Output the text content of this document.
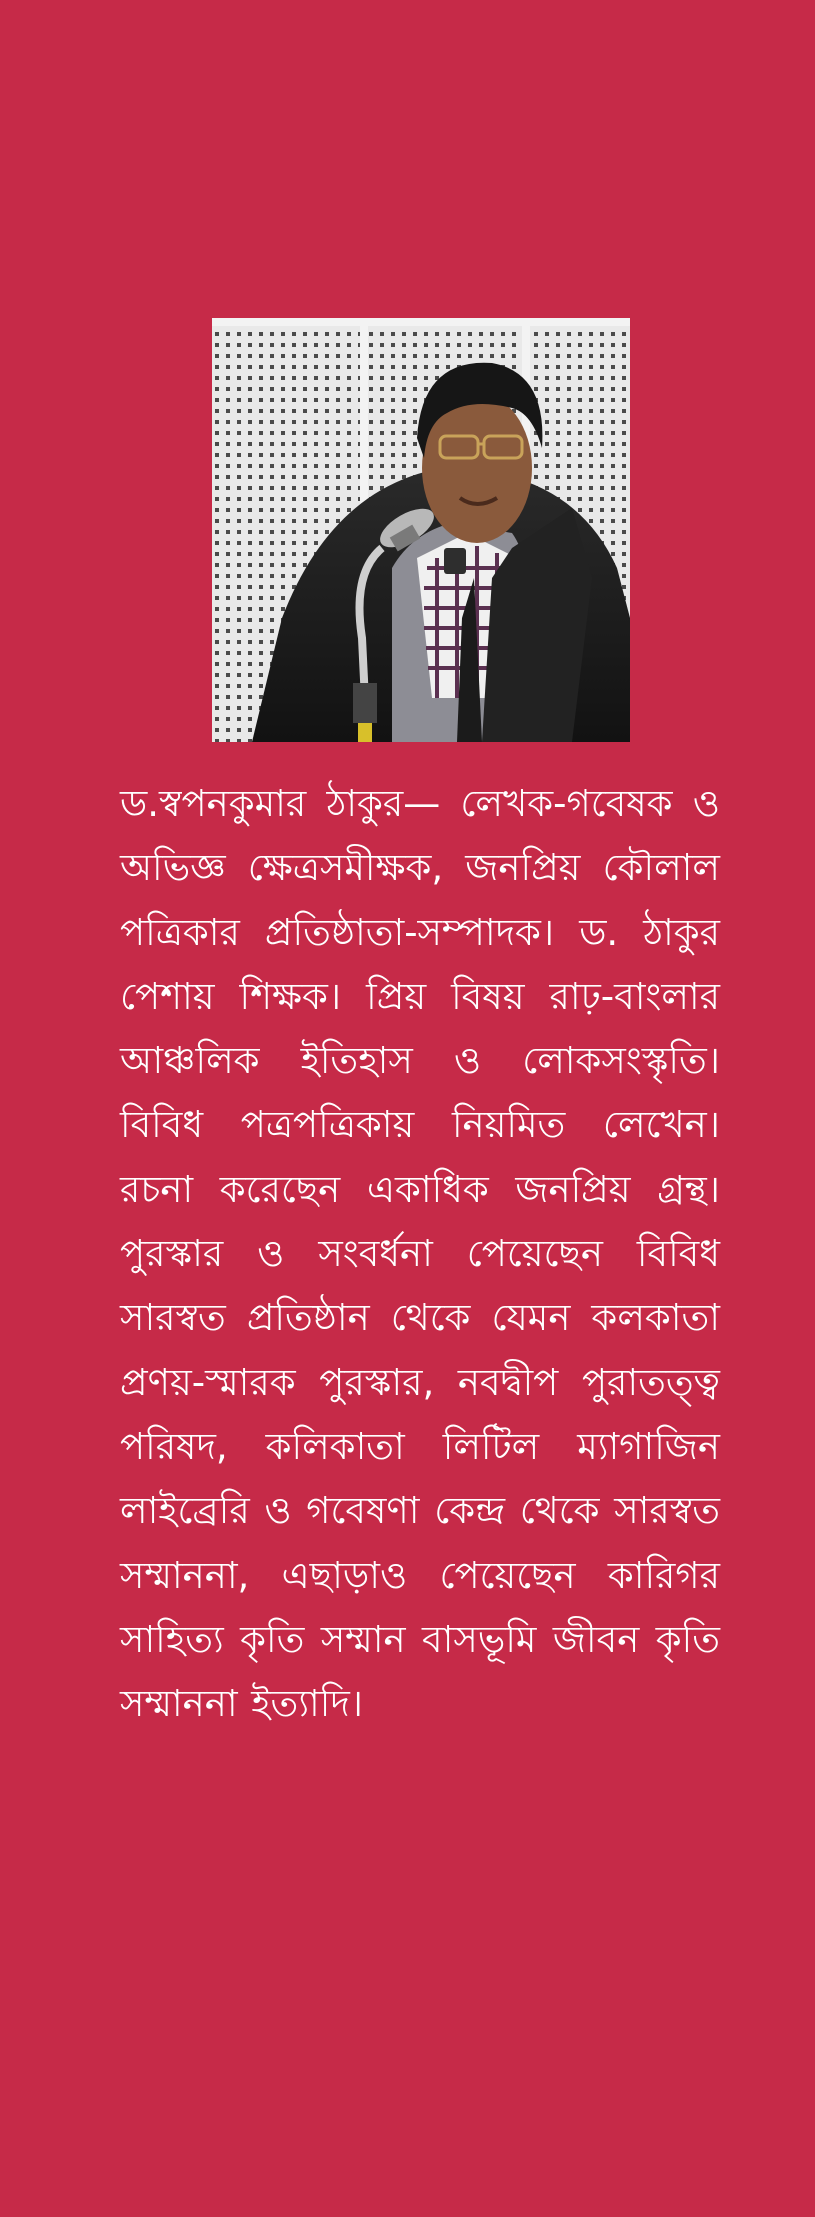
ড.স্বপনকুমার ঠাকুর— লেখক-গবেষক ও অভিজ্ঞ ক্ষেত্রসমীক্ষক, জনপ্রিয় কৌলাল পত্রিকার প্রতিষ্ঠাতা-সম্পাদক। ড. ঠাকুর পেশায় শিক্ষক। প্রিয় বিষয় রাঢ়-বাংলার আঞ্চলিক ইতিহাস ও লোকসংস্কৃতি। বিবিধ পত্রপত্রিকায় নিয়মিত লেখেন। রচনা করেছেন একাধিক জনপ্রিয় গ্রন্থ। পুরস্কার ও সংবর্ধনা পেয়েছেন বিবিধ সারস্বত প্রতিষ্ঠান থেকে যেমন কলকাতা প্রণয়-স্মারক পুরস্কার, নবদ্বীপ পুরাতত্ত্ব পরিষদ, কলিকাতা লিটিল ম্যাগাজিন লাইব্রেরি ও গবেষণা কেন্দ্র থেকে সারস্বত সম্মাননা, এছাড়াও পেয়েছেন কারিগর সাহিত্য কৃতি সম্মান বাসভূমি জীবন কৃতি সম্মাননা ইত্যাদি।
